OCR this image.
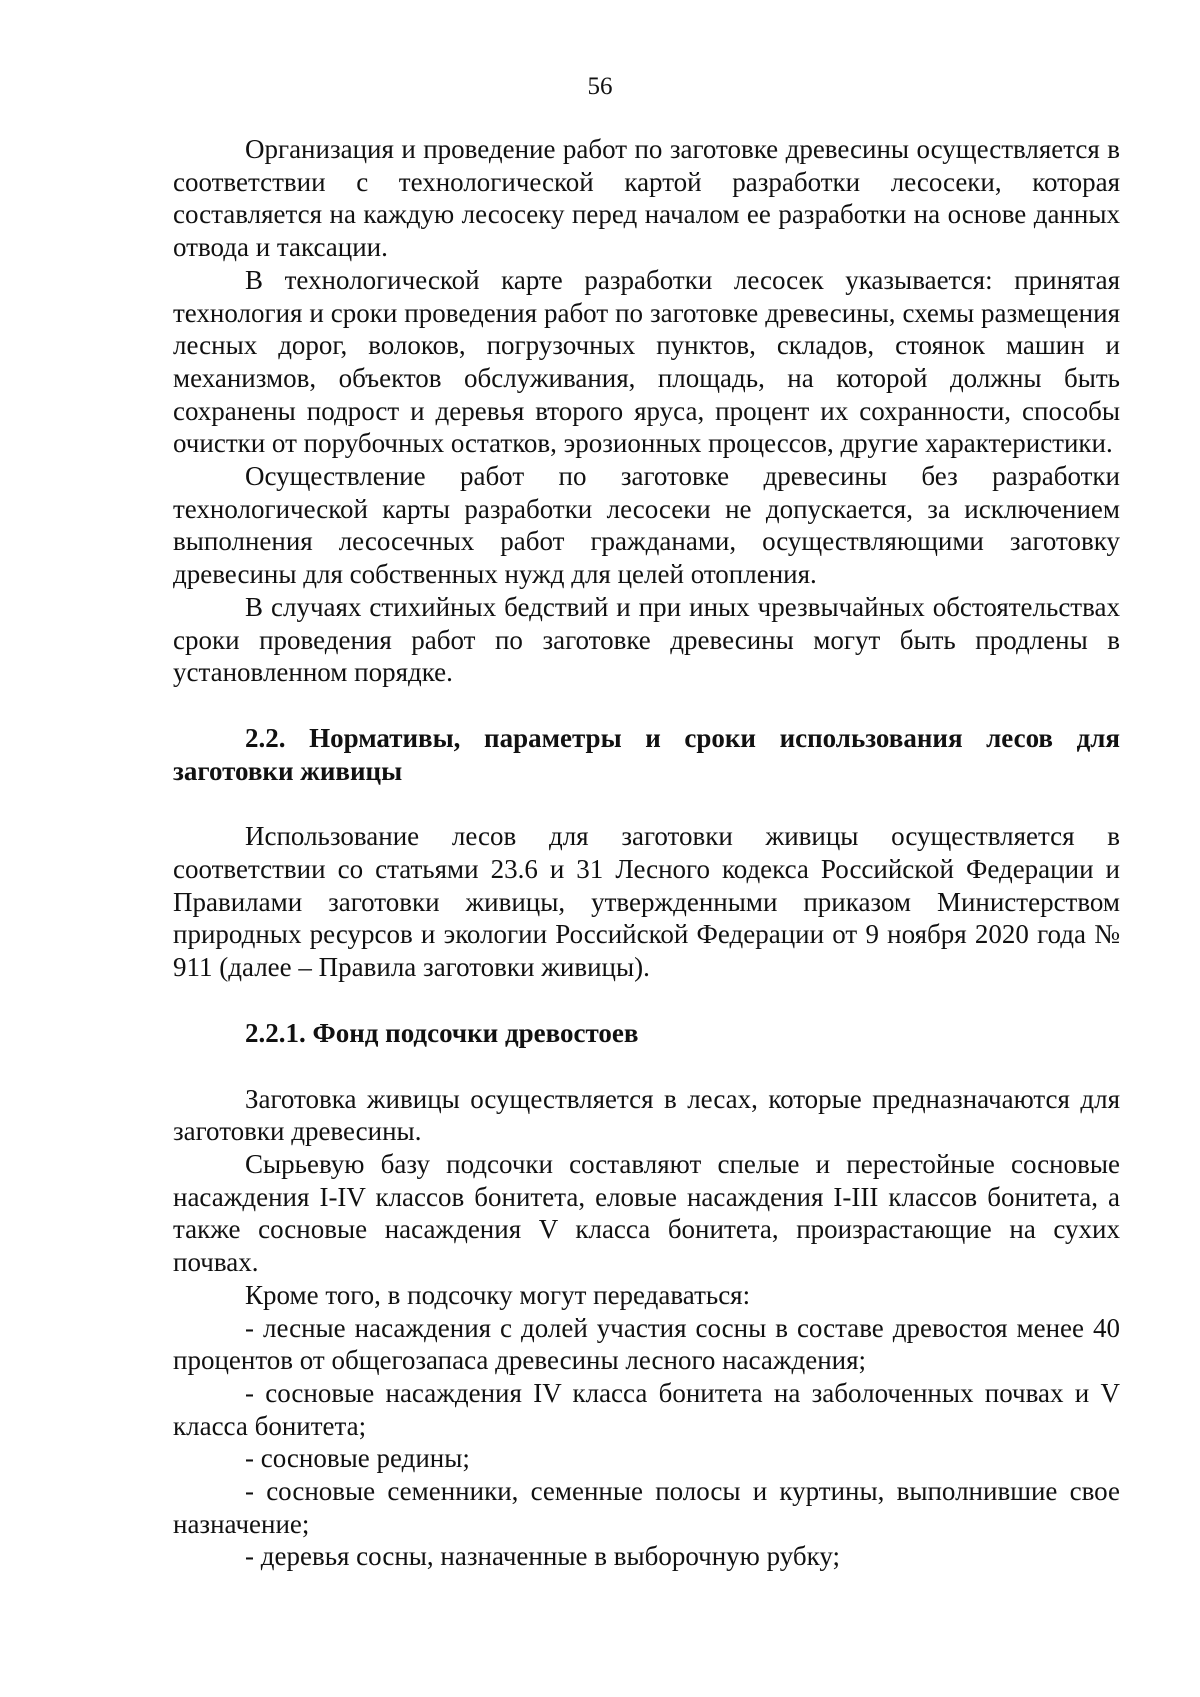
56

Организация и проведение работ по заготовке древесины осуществляется в соответствии с технологической картой разработки лесосеки, которая составляется на каждую лесосеку перед началом ее разработки на основе данных отвода и таксации.

В технологической карте разработки лесосек указывается: принятая технология и сроки проведения работ по заготовке древесины, схемы размещения лесных дорог, волоков, погрузочных пунктов, складов, стоянок машин и механизмов, объектов обслуживания, площадь, на которой должны быть сохранены подрост и деревья второго яруса, процент их сохранности, способы очистки от порубочных остатков, эрозионных процессов, другие характеристики.

Осуществление работ по заготовке древесины без разработки технологической карты разработки лесосеки не допускается, за исключением выполнения лесосечных работ гражданами, осуществляющими заготовку древесины для собственных нужд для целей отопления.

В случаях стихийных бедствий и при иных чрезвычайных обстоятельствах сроки проведения работ по заготовке древесины могут быть продлены в установленном порядке.

2.2. Нормативы, параметры и сроки использования лесов для заготовки живицы

Использование лесов для заготовки живицы осуществляется в соответствии со статьями 23.6 и 31 Лесного кодекса Российской Федерации и Правилами заготовки живицы, утвержденными приказом Министерством природных ресурсов и экологии Российской Федерации от 9 ноября 2020 года № 911 (далее – Правила заготовки живицы).

2.2.1. Фонд подсочки древостоев

Заготовка живицы осуществляется в лесах, которые предназначаются для заготовки древесины.

Сырьевую базу подсочки составляют спелые и перестойные сосновые насаждения I-IV классов бонитета, еловые насаждения I-III классов бонитета, а также сосновые насаждения V класса бонитета, произрастающие на сухих почвах.

Кроме того, в подсочку могут передаваться:

- лесные насаждения с долей участия сосны в составе древостоя менее 40 процентов от общегозапаса древесины лесного насаждения;

- сосновые насаждения IV класса бонитета на заболоченных почвах и V класса бонитета;

- сосновые редины;

- сосновые семенники, семенные полосы и куртины, выполнившие свое назначение;

- деревья сосны, назначенные в выборочную рубку;
